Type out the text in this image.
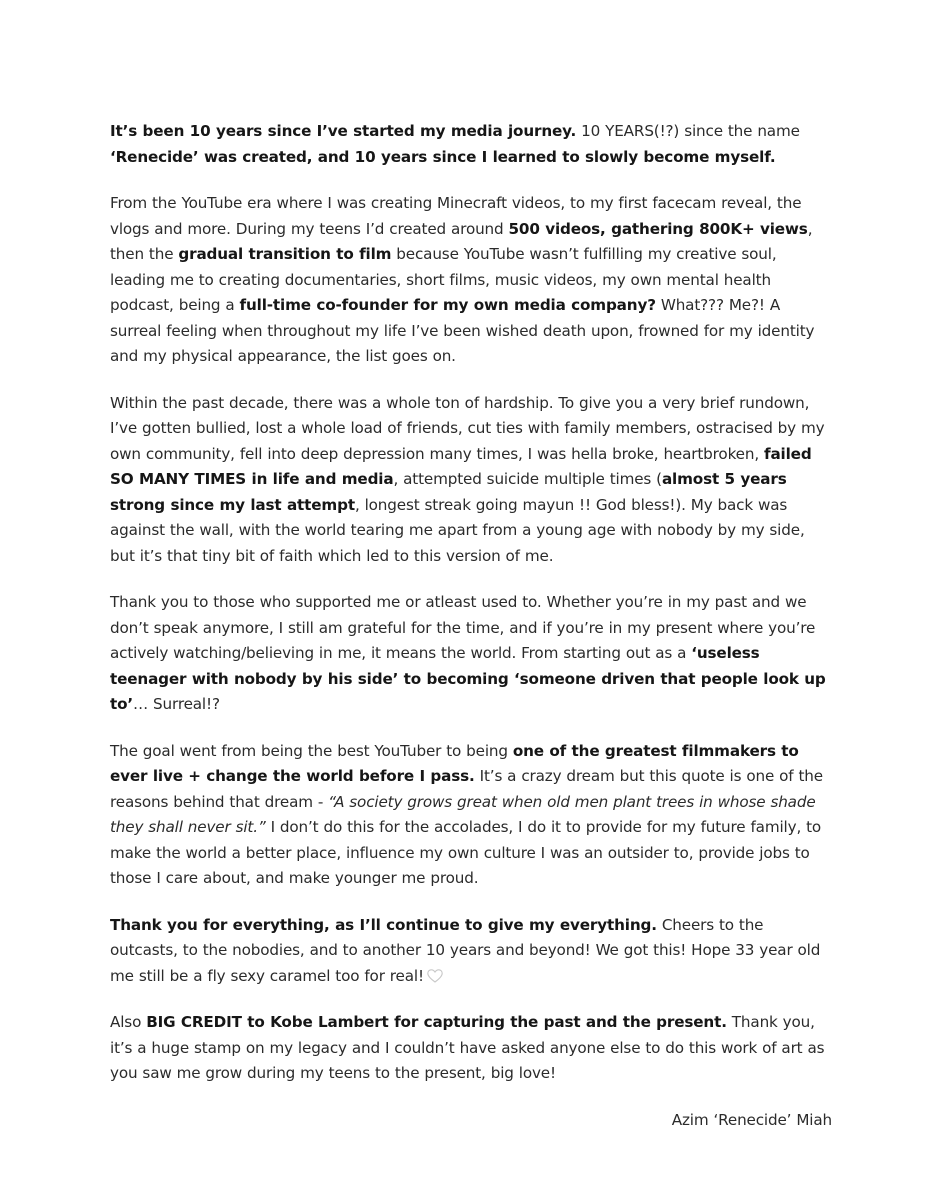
It’s been 10 years since I’ve started my media journey. 10 YEARS(!?) since the name ‘Renecide’ was created, and 10 years since I learned to slowly become myself.

From the YouTube era where I was creating Minecraft videos, to my first facecam reveal, the vlogs and more. During my teens I’d created around 500 videos, gathering 800K+ views, then the gradual transition to film because YouTube wasn’t fulfilling my creative soul, leading me to creating documentaries, short films, music videos, my own mental health podcast, being a full-time co-founder for my own media company? What??? Me?! A surreal feeling when throughout my life I’ve been wished death upon, frowned for my identity and my physical appearance, the list goes on.

Within the past decade, there was a whole ton of hardship. To give you a very brief rundown, I’ve gotten bullied, lost a whole load of friends, cut ties with family members, ostracised by my own community, fell into deep depression many times, I was hella broke, heartbroken, failed SO MANY TIMES in life and media, attempted suicide multiple times (almost 5 years strong since my last attempt, longest streak going mayun !! God bless!). My back was against the wall, with the world tearing me apart from a young age with nobody by my side, but it’s that tiny bit of faith which led to this version of me.

Thank you to those who supported me or atleast used to. Whether you’re in my past and we don’t speak anymore, I still am grateful for the time, and if you’re in my present where you’re actively watching/believing in me, it means the world. From starting out as a ‘useless teenager with nobody by his side’ to becoming ‘someone driven that people look up to’… Surreal!?

The goal went from being the best YouTuber to being one of the greatest filmmakers to ever live + change the world before I pass. It’s a crazy dream but this quote is one of the reasons behind that dream - “A society grows great when old men plant trees in whose shade they shall never sit.” I don’t do this for the accolades, I do it to provide for my future family, to make the world a better place, influence my own culture I was an outsider to, provide jobs to those I care about, and make younger me proud.

Thank you for everything, as I’ll continue to give my everything. Cheers to the outcasts, to the nobodies, and to another 10 years and beyond! We got this! Hope 33 year old me still be a fly sexy caramel too for real!

Also BIG CREDIT to Kobe Lambert for capturing the past and the present. Thank you, it’s a huge stamp on my legacy and I couldn’t have asked anyone else to do this work of art as you saw me grow during my teens to the present, big love!

Azim ‘Renecide’ Miah
